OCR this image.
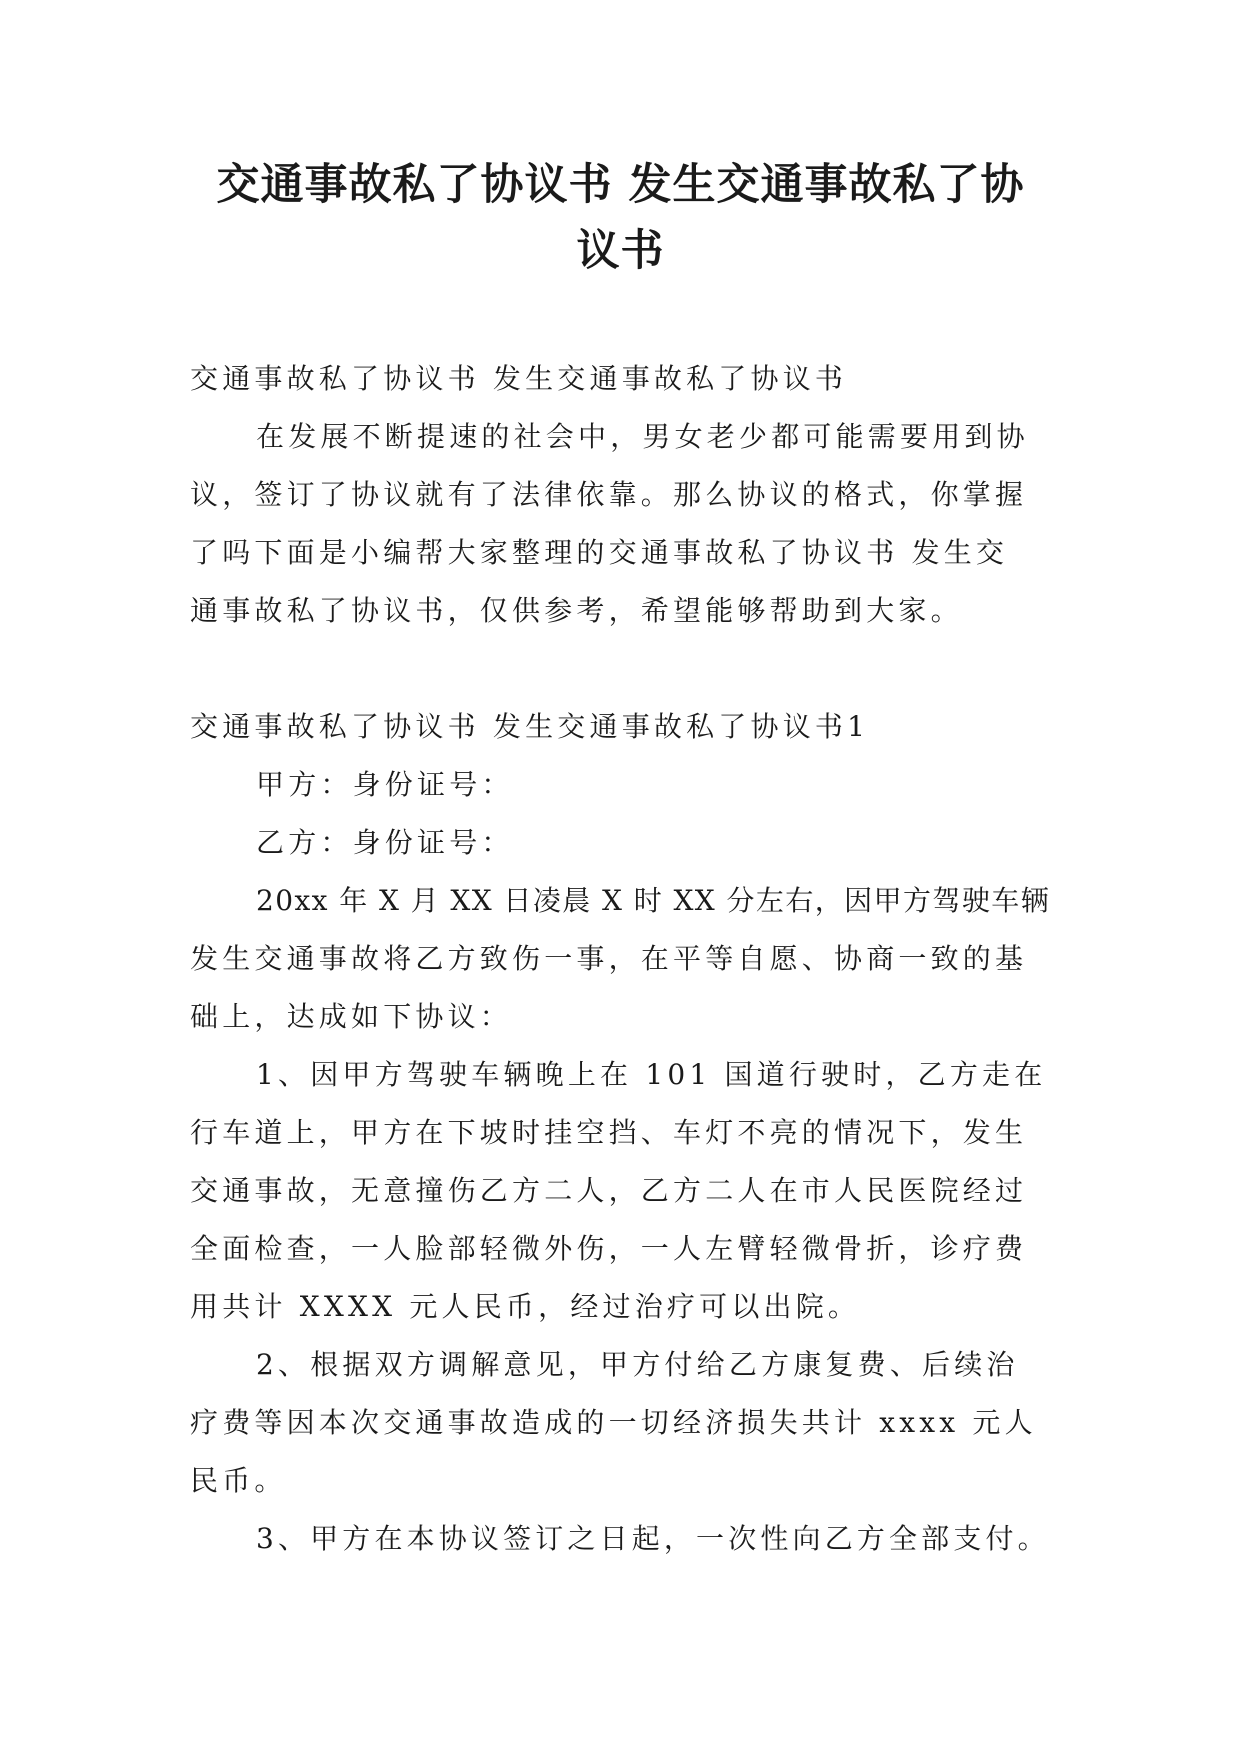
交通事故私了协议书 发生交通事故私了协
议书

交通事故私了协议书 发生交通事故私了协议书

在发展不断提速的社会中，男女老少都可能需要用到协

议，签订了协议就有了法律依靠。那么协议的格式，你掌握

了吗下面是小编帮大家整理的交通事故私了协议书 发生交

通事故私了协议书，仅供参考，希望能够帮助到大家。

交通事故私了协议书 发生交通事故私了协议书1

甲方：身份证号：

乙方：身份证号：

20xx 年 X 月 XX 日凌晨 X 时 XX 分左右，因甲方驾驶车辆

发生交通事故将乙方致伤一事，在平等自愿、协商一致的基

础上，达成如下协议：

1、因甲方驾驶车辆晚上在 101 国道行驶时，乙方走在

行车道上，甲方在下坡时挂空挡、车灯不亮的情况下，发生

交通事故，无意撞伤乙方二人，乙方二人在市人民医院经过

全面检查，一人脸部轻微外伤，一人左臂轻微骨折，诊疗费

用共计 XXXX 元人民币，经过治疗可以出院。

2、根据双方调解意见，甲方付给乙方康复费、后续治

疗费等因本次交通事故造成的一切经济损失共计 xxxx 元人

民币。

3、甲方在本协议签订之日起，一次性向乙方全部支付。
